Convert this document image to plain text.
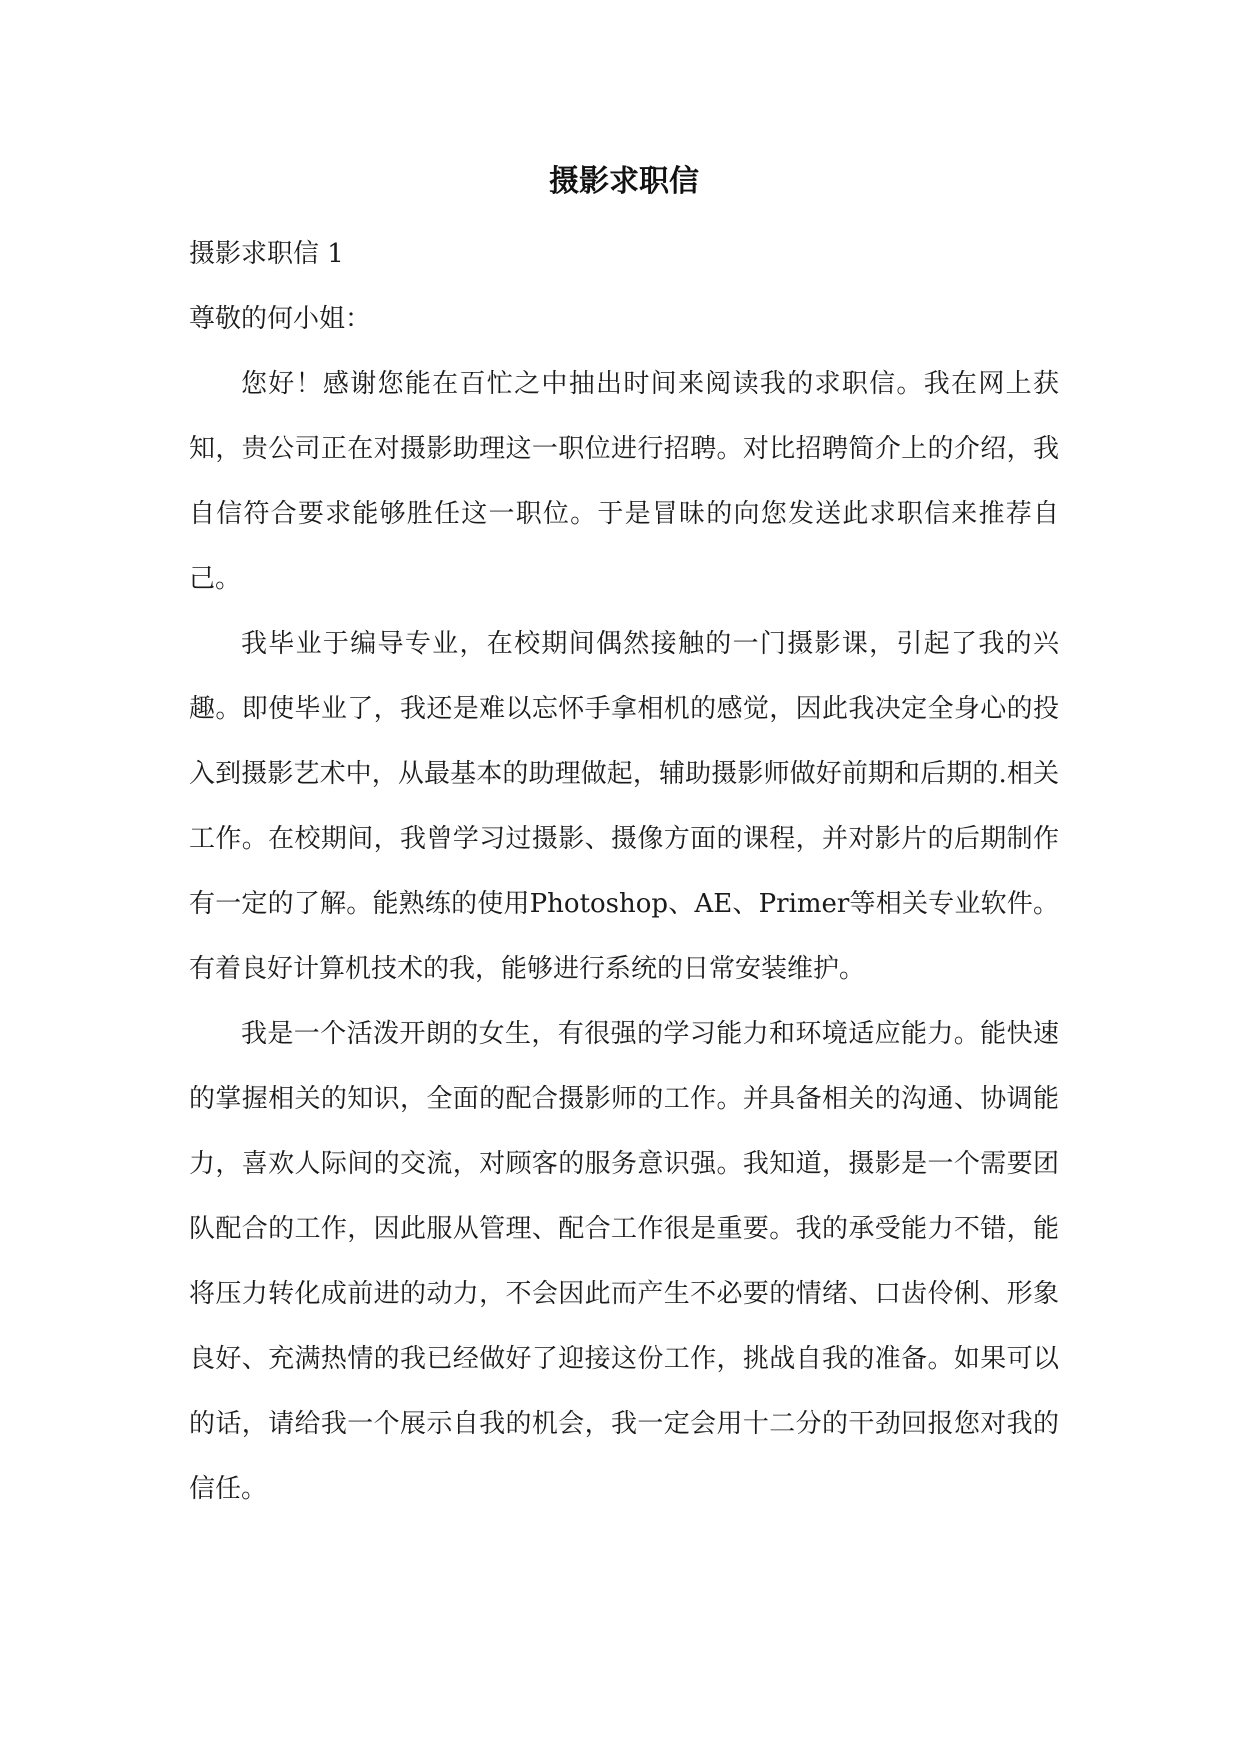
摄影求职信

摄影求职信 1

尊敬的何小姐：

您好！感谢您能在百忙之中抽出时间来阅读我的求职信。我在网上获知，贵公司正在对摄影助理这一职位进行招聘。对比招聘简介上的介绍，我自信符合要求能够胜任这一职位。于是冒昧的向您发送此求职信来推荐自己。

我毕业于编导专业，在校期间偶然接触的一门摄影课，引起了我的兴趣。即使毕业了，我还是难以忘怀手拿相机的感觉，因此我决定全身心的投入到摄影艺术中，从最基本的助理做起，辅助摄影师做好前期和后期的.相关工作。在校期间，我曾学习过摄影、摄像方面的课程，并对影片的后期制作有一定的了解。能熟练的使用Photoshop、AE、Primer等相关专业软件。有着良好计算机技术的我，能够进行系统的日常安装维护。

我是一个活泼开朗的女生，有很强的学习能力和环境适应能力。能快速的掌握相关的知识，全面的配合摄影师的工作。并具备相关的沟通、协调能力，喜欢人际间的交流，对顾客的服务意识强。我知道，摄影是一个需要团队配合的工作，因此服从管理、配合工作很是重要。我的承受能力不错，能将压力转化成前进的动力，不会因此而产生不必要的情绪、口齿伶俐、形象良好、充满热情的我已经做好了迎接这份工作，挑战自我的准备。如果可以的话，请给我一个展示自我的机会，我一定会用十二分的干劲回报您对我的信任。
